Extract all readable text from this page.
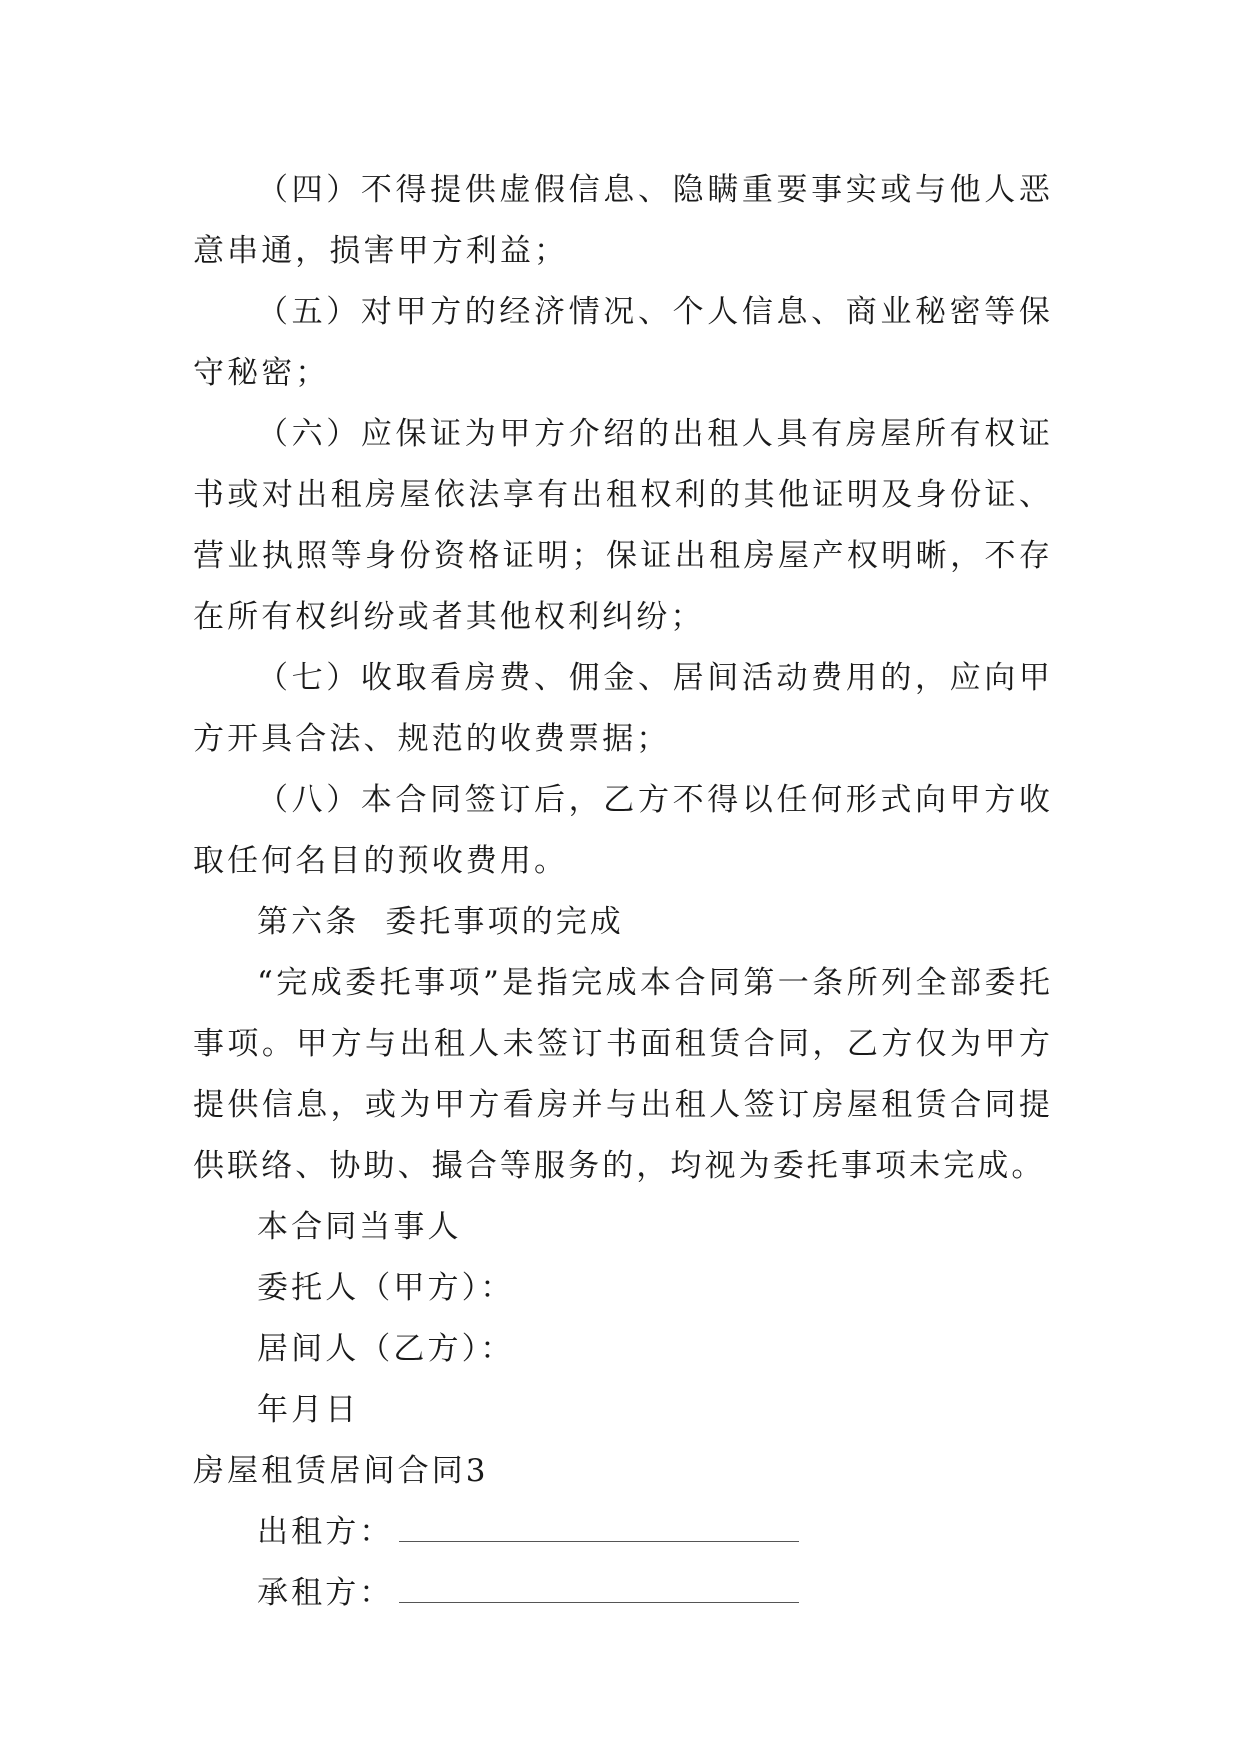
（四）不得提供虚假信息、隐瞒重要事实或与他人恶意串通，损害甲方利益；

（五）对甲方的经济情况、个人信息、商业秘密等保守秘密；

（六）应保证为甲方介绍的出租人具有房屋所有权证书或对出租房屋依法享有出租权利的其他证明及身份证、营业执照等身份资格证明；保证出租房屋产权明晰，不存在所有权纠纷或者其他权利纠纷；

（七）收取看房费、佣金、居间活动费用的，应向甲方开具合法、规范的收费票据；

（八）本合同签订后，乙方不得以任何形式向甲方收取任何名目的预收费用。

第六条  委托事项的完成

“完成委托事项”是指完成本合同第一条所列全部委托事项。甲方与出租人未签订书面租赁合同，乙方仅为甲方提供信息，或为甲方看房并与出租人签订房屋租赁合同提供联络、协助、撮合等服务的，均视为委托事项未完成。

本合同当事人

委托人（甲方）：

居间人（乙方）：

年月日

房屋租赁居间合同3

出租方：
承租方：
